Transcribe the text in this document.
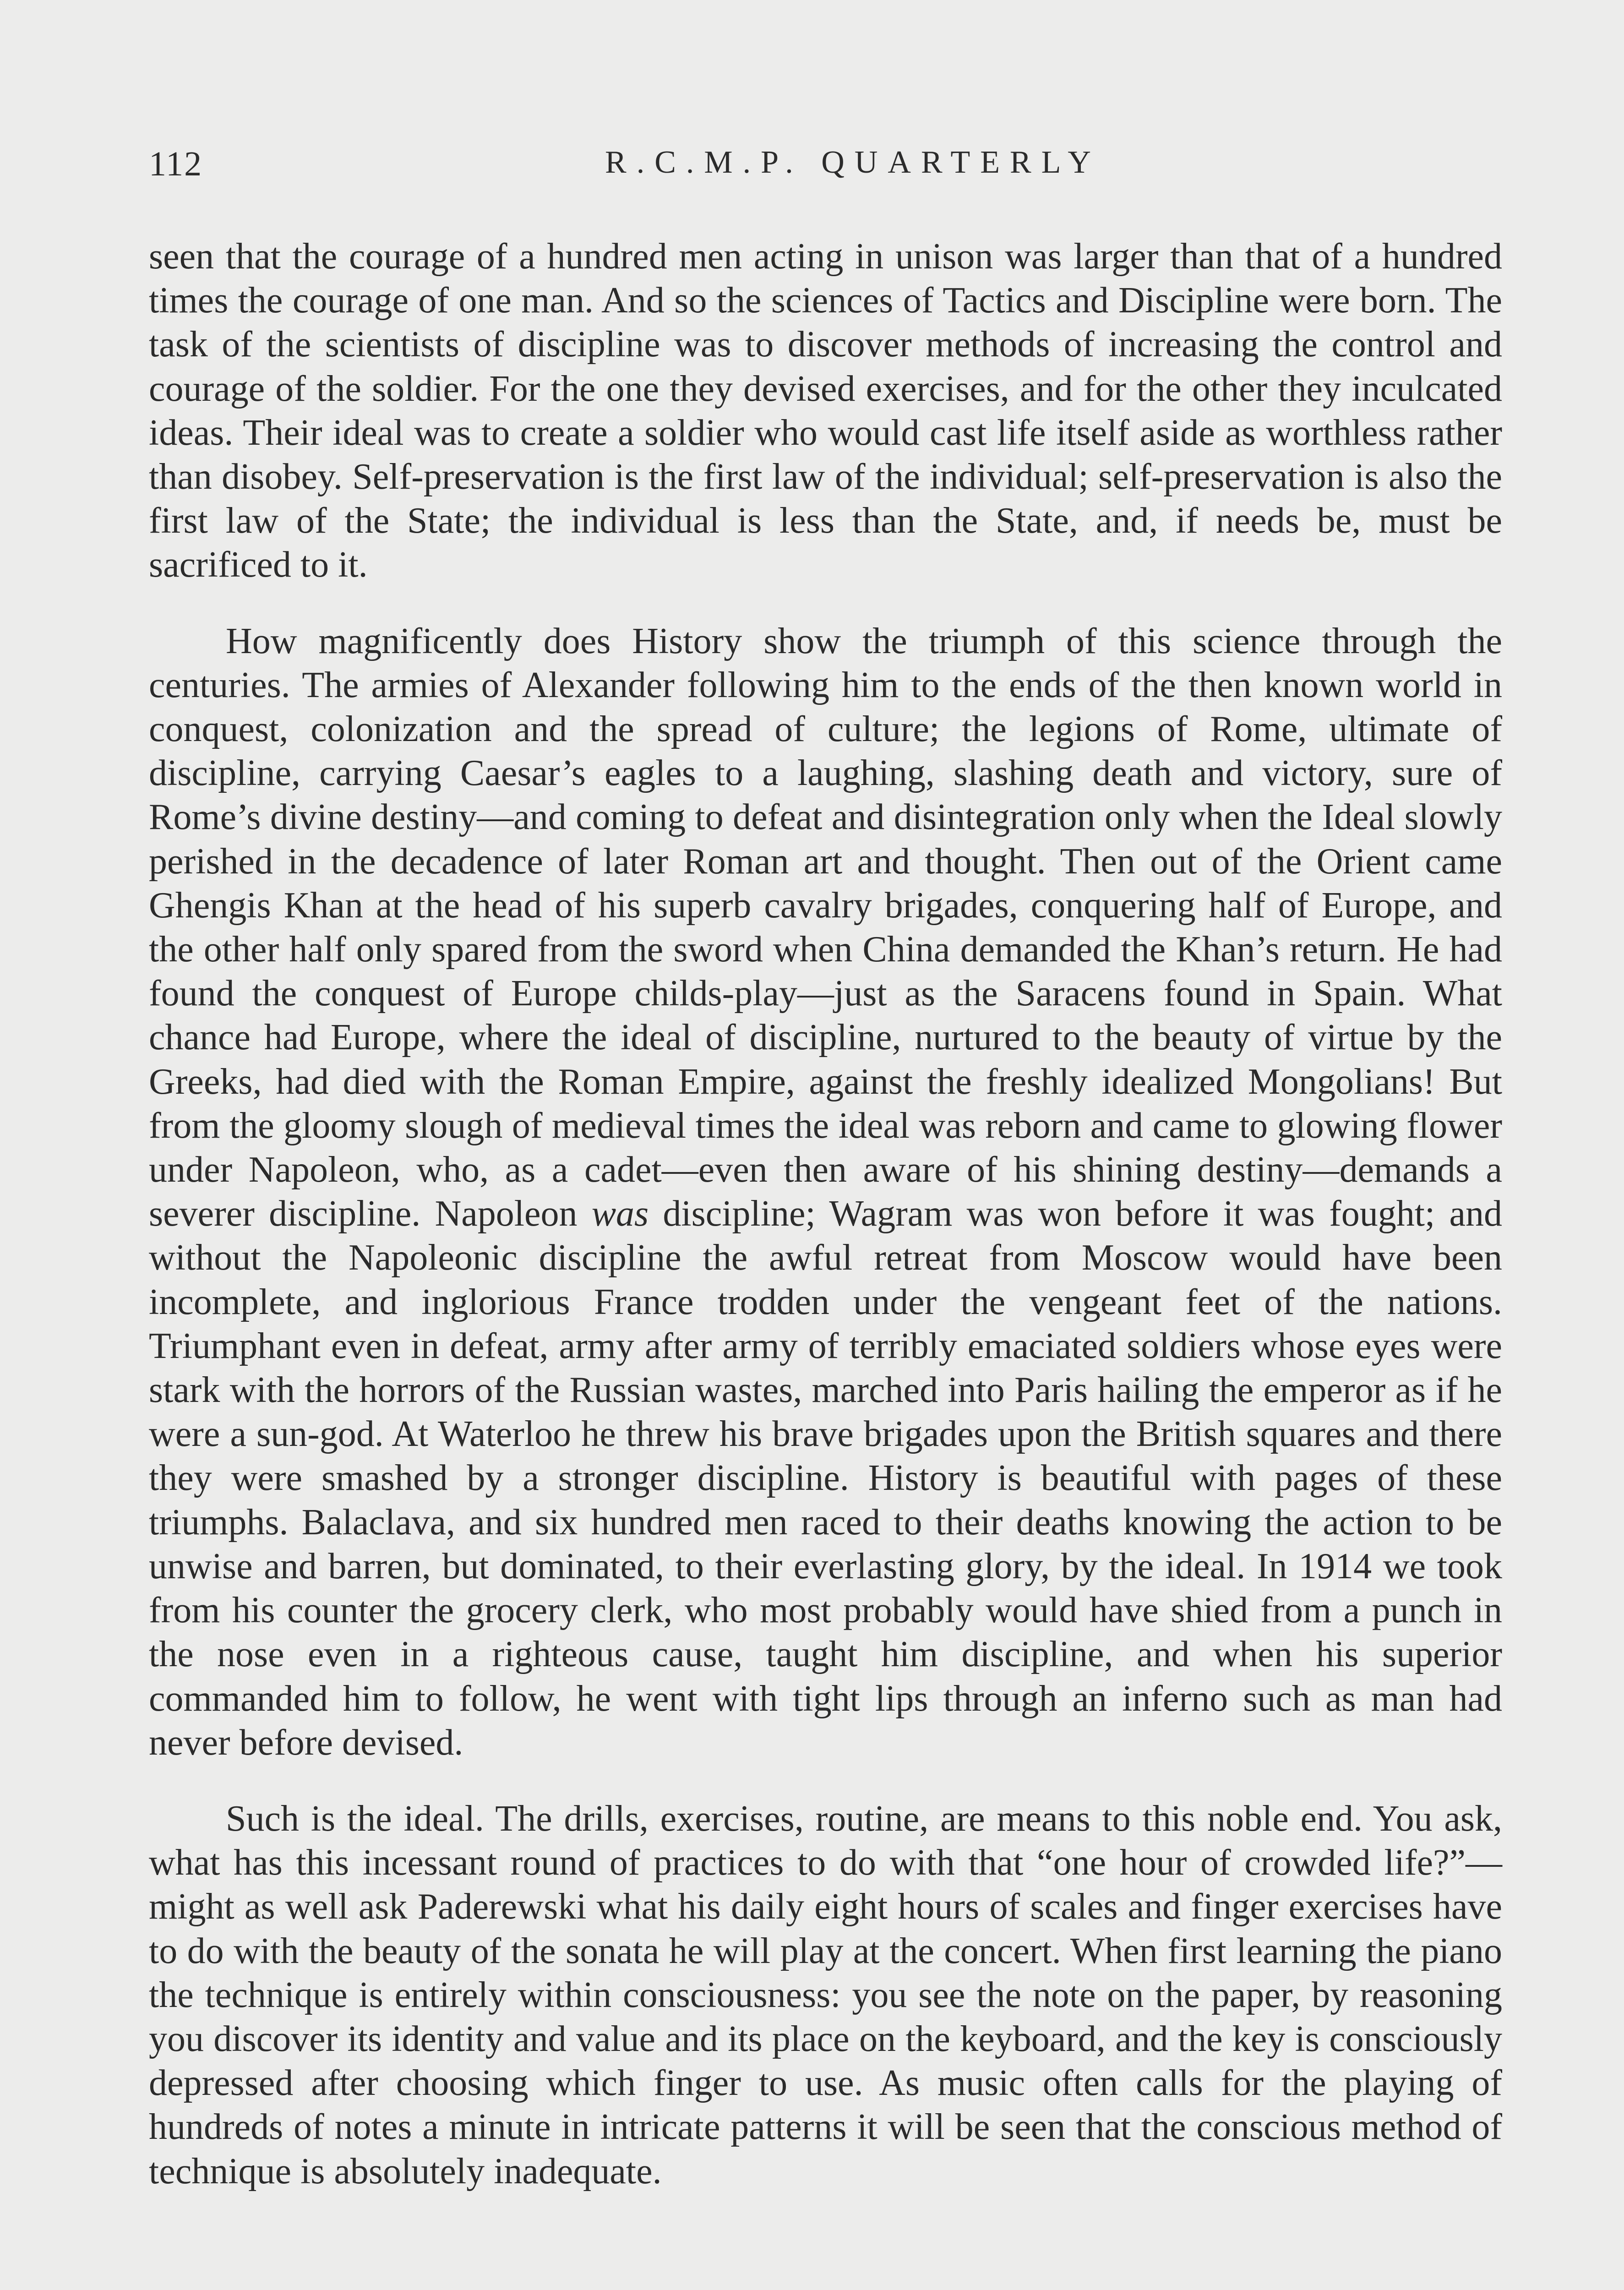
112	R.C.M.P. QUARTERLY

seen that the courage of a hundred men acting in unison was larger than that of a hundred times the courage of one man. And so the sciences of Tactics and Discipline were born. The task of the scientists of discipline was to discover methods of increasing the control and courage of the soldier. For the one they devised exercises, and for the other they inculcated ideas. Their ideal was to create a soldier who would cast life itself aside as worthless rather than disobey. Self-preservation is the first law of the individual; self-preservation is also the first law of the State; the individual is less than the State, and, if needs be, must be sacrificed to it.

How magnificently does History show the triumph of this science through the centuries. The armies of Alexander following him to the ends of the then known world in conquest, colonization and the spread of culture; the legions of Rome, ultimate of discipline, carrying Caesar’s eagles to a laughing, slashing death and victory, sure of Rome’s divine destiny—and coming to defeat and disintegration only when the Ideal slowly perished in the decadence of later Roman art and thought. Then out of the Orient came Ghengis Khan at the head of his superb cavalry brigades, conquering half of Europe, and the other half only spared from the sword when China demanded the Khan’s return. He had found the conquest of Europe childs-play—just as the Saracens found in Spain. What chance had Europe, where the ideal of discipline, nurtured to the beauty of virtue by the Greeks, had died with the Roman Empire, against the freshly idealized Mongolians! But from the gloomy slough of medieval times the ideal was reborn and came to glowing flower under Napoleon, who, as a cadet—even then aware of his shining destiny—demands a severer discipline. Napoleon was discipline; Wagram was won before it was fought; and without the Napoleonic discipline the awful retreat from Moscow would have been incomplete, and inglorious France trodden under the vengeant feet of the nations. Triumphant even in defeat, army after army of terribly emaciated soldiers whose eyes were stark with the horrors of the Russian wastes, marched into Paris hailing the emperor as if he were a sun-god. At Waterloo he threw his brave brigades upon the British squares and there they were smashed by a stronger discipline. History is beautiful with pages of these triumphs. Balaclava, and six hundred men raced to their deaths knowing the action to be unwise and barren, but dominated, to their everlasting glory, by the ideal. In 1914 we took from his counter the grocery clerk, who most probably would have shied from a punch in the nose even in a righteous cause, taught him discipline, and when his superior commanded him to follow, he went with tight lips through an inferno such as man had never before devised.

Such is the ideal. The drills, exercises, routine, are means to this noble end. You ask, what has this incessant round of practices to do with that “one hour of crowded life?”—might as well ask Paderewski what his daily eight hours of scales and finger exercises have to do with the beauty of the sonata he will play at the concert. When first learning the piano the technique is entirely within consciousness: you see the note on the paper, by reasoning you discover its identity and value and its place on the keyboard, and the key is consciously depressed after choosing which finger to use. As music often calls for the playing of hundreds of notes a minute in intricate patterns it will be seen that the conscious method of technique is absolutely inadequate.
